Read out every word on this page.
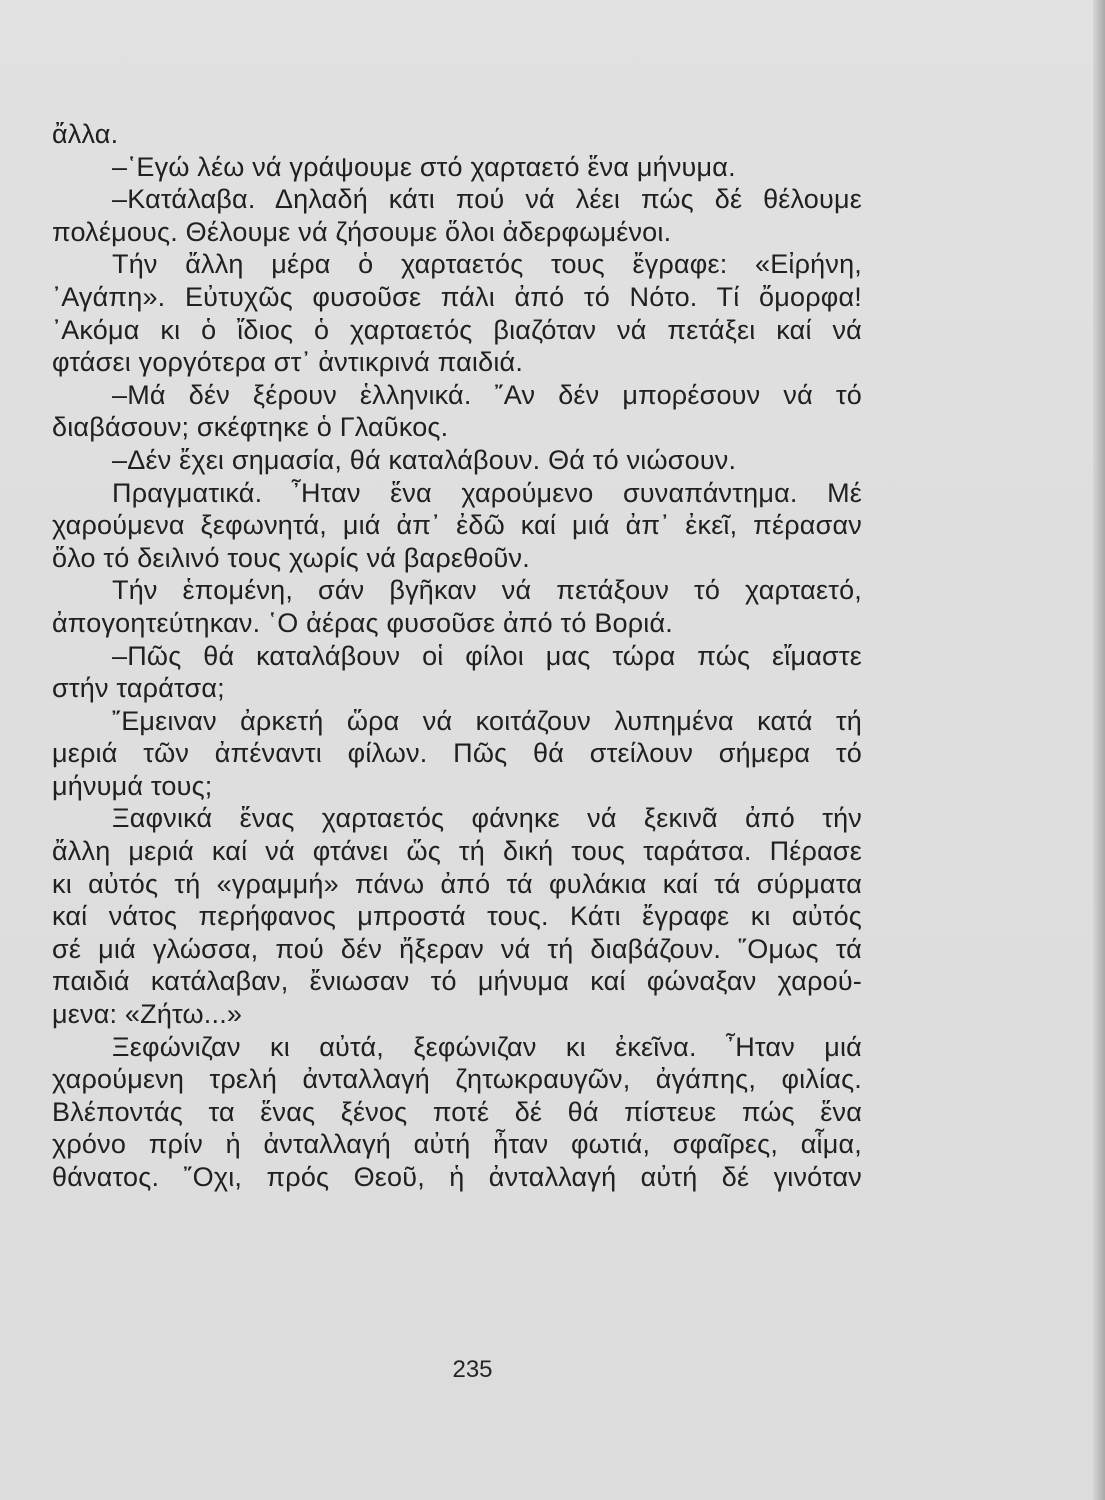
ἄλλα.
–῾Εγώ λέω νά γράψουμε στό χαρταετό ἕνα μήνυμα.
–Κατάλαβα. Δηλαδή κάτι πού νά λέει πώς δέ θέλουμε
πολέμους. Θέλουμε νά ζήσουμε ὅλοι ἀδερφωμένοι.
Τήν ἄλλη μέρα ὁ χαρταετός τους ἔγραφε: «Εἰρήνη,
᾿Αγάπη». Εὐτυχῶς φυσοῦσε πάλι ἀπό τό Νότο. Τί ὄμορφα!
᾿Ακόμα κι ὁ ἴδιος ὁ χαρταετός βιαζόταν νά πετάξει καί νά
φτάσει γοργότερα στ᾿ ἀντικρινά παιδιά.
–Μά δέν ξέρουν ἑλληνικά. ῎Αν δέν μπορέσουν νά τό
διαβάσουν; σκέφτηκε ὁ Γλαῦκος.
–Δέν ἔχει σημασία, θά καταλάβουν. Θά τό νιώσουν.
Πραγματικά. ῏Ηταν ἕνα χαρούμενο συναπάντημα. Μέ
χαρούμενα ξεφωνητά, μιά ἀπ᾿ ἐδῶ καί μιά ἀπ᾿ ἐκεῖ, πέρασαν
ὅλο τό δειλινό τους χωρίς νά βαρεθοῦν.
Τήν ἑπομένη, σάν βγῆκαν νά πετάξουν τό χαρταετό,
ἀπογοητεύτηκαν. ῾Ο ἀέρας φυσοῦσε ἀπό τό Βοριά.
–Πῶς θά καταλάβουν οἱ φίλοι μας τώρα πώς εἴμαστε
στήν ταράτσα;
῎Εμειναν ἀρκετή ὥρα νά κοιτάζουν λυπημένα κατά τή
μεριά τῶν ἀπέναντι φίλων. Πῶς θά στείλουν σήμερα τό
μήνυμά τους;
Ξαφνικά ἕνας χαρταετός φάνηκε νά ξεκινᾶ ἀπό τήν
ἄλλη μεριά καί νά φτάνει ὥς τή δική τους ταράτσα. Πέρασε
κι αὐτός τή «γραμμή» πάνω ἀπό τά φυλάκια καί τά σύρματα
καί νάτος περήφανος μπροστά τους. Κάτι ἔγραφε κι αὐτός
σέ μιά γλώσσα, πού δέν ἤξεραν νά τή διαβάζουν. ῞Ομως τά
παιδιά κατάλαβαν, ἔνιωσαν τό μήνυμα καί φώναξαν χαρού-
μενα: «Ζήτω...»
Ξεφώνιζαν κι αὐτά, ξεφώνιζαν κι ἐκεῖνα. ῏Ηταν μιά
χαρούμενη τρελή ἀνταλλαγή ζητωκραυγῶν, ἀγάπης, φιλίας.
Βλέποντάς τα ἕνας ξένος ποτέ δέ θά πίστευε πώς ἕνα
χρόνο πρίν ἡ ἀνταλλαγή αὐτή ἦταν φωτιά, σφαῖρες, αἷμα,
θάνατος. ῎Οχι, πρός Θεοῦ, ἡ ἀνταλλαγή αὐτή δέ γινόταν
235
